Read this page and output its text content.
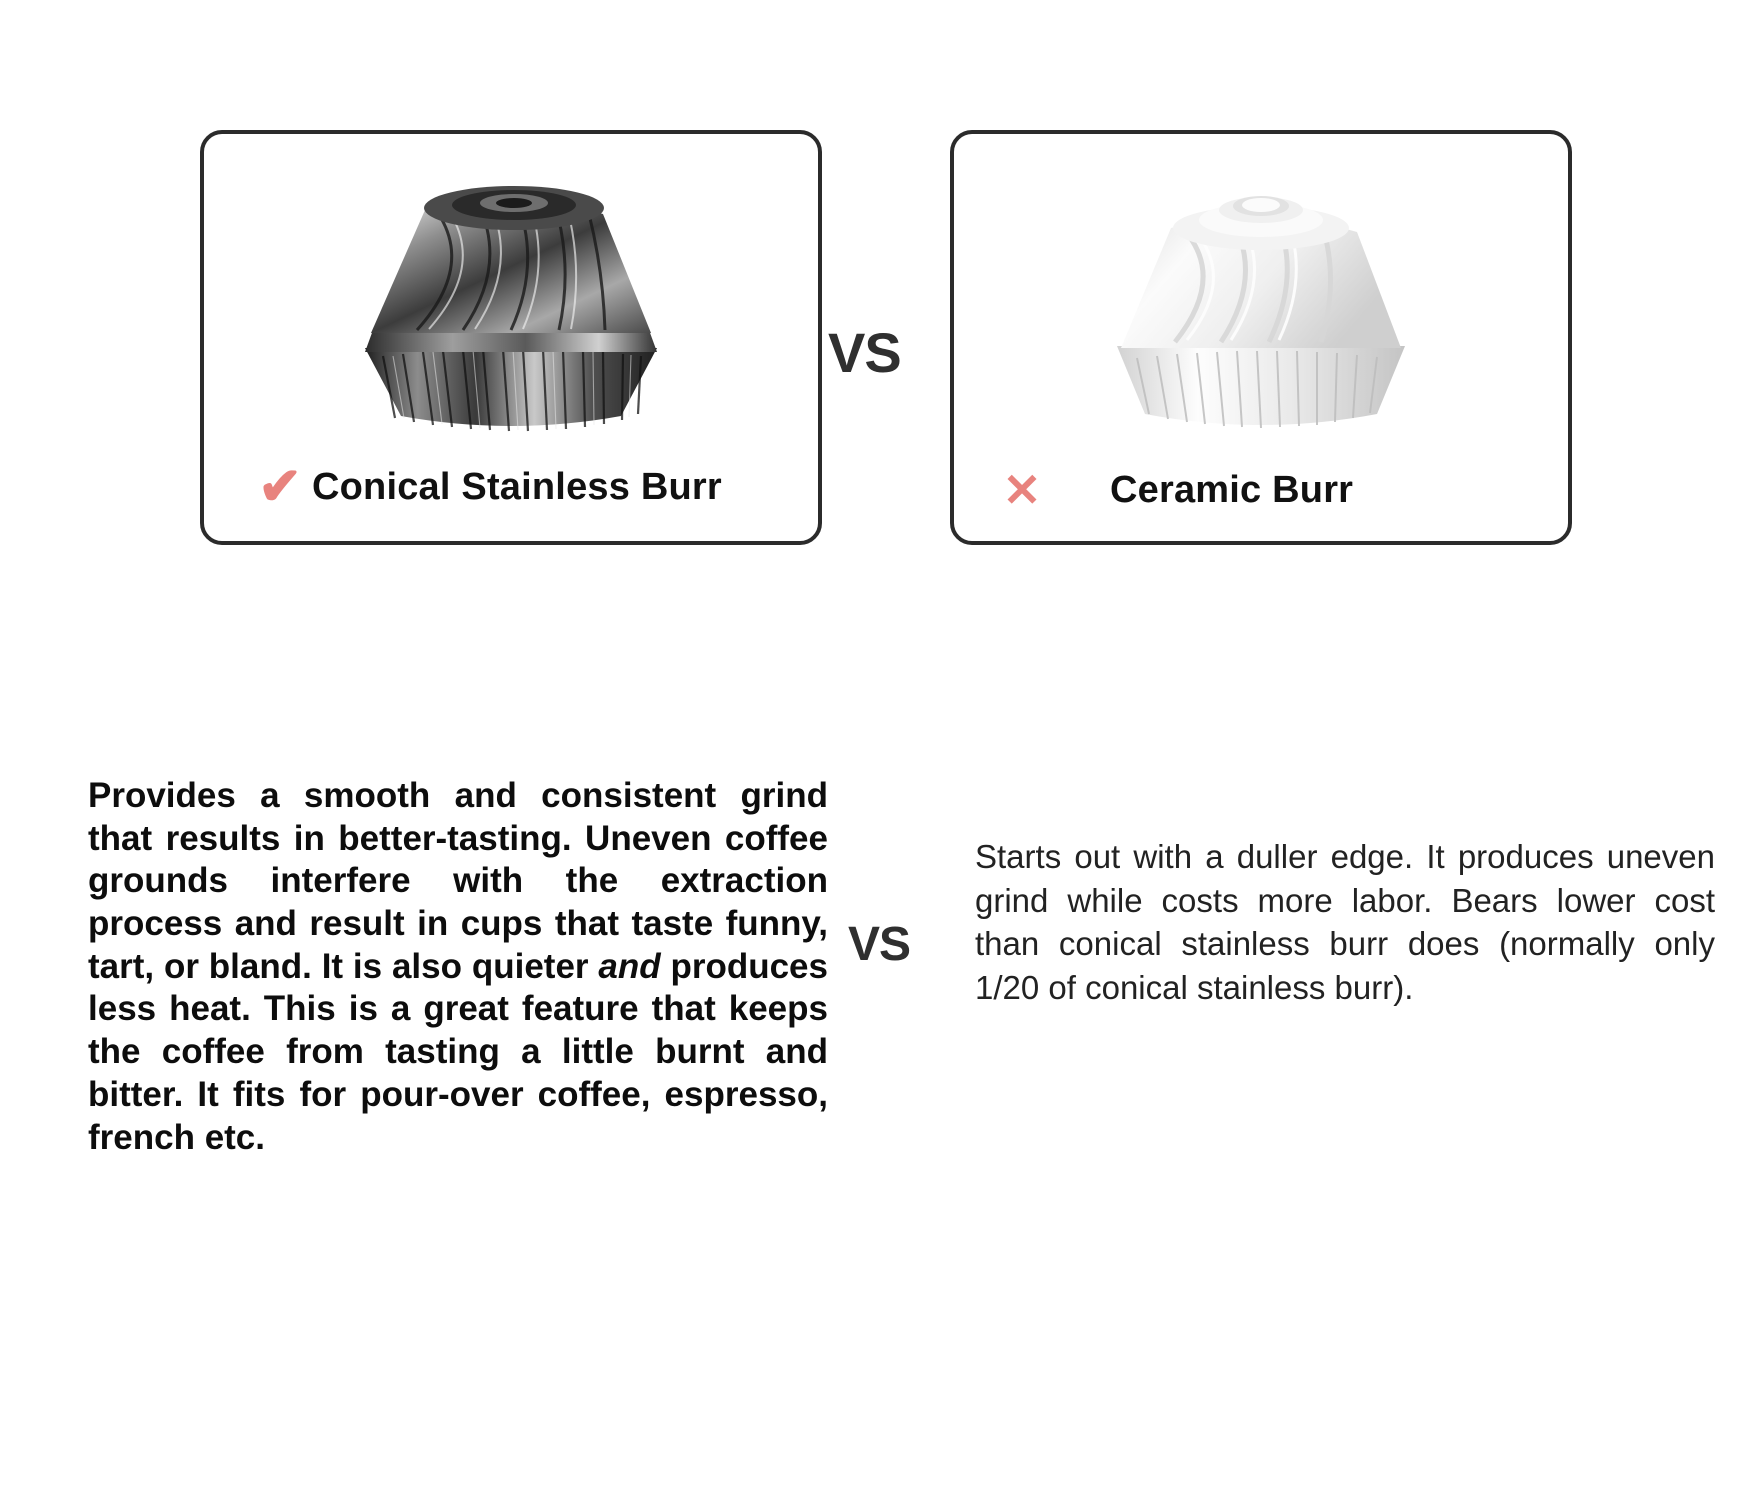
✔ Conical Stainless Burr
VS
✕	Ceramic Burr
Provides a smooth and consistent grind that results in better-tasting. Uneven coffee grounds interfere with the extraction process and result in cups that taste funny, tart, or bland. It is also quieter and produces less heat. This is a great feature that keeps the coffee from tasting a little burnt and bitter. It fits for pour-over coffee, espresso, french etc.
VS
Starts out with a duller edge. It produces uneven grind while costs more labor. Bears lower cost than conical stainless burr does (normally only 1/20 of conical stainless burr).
